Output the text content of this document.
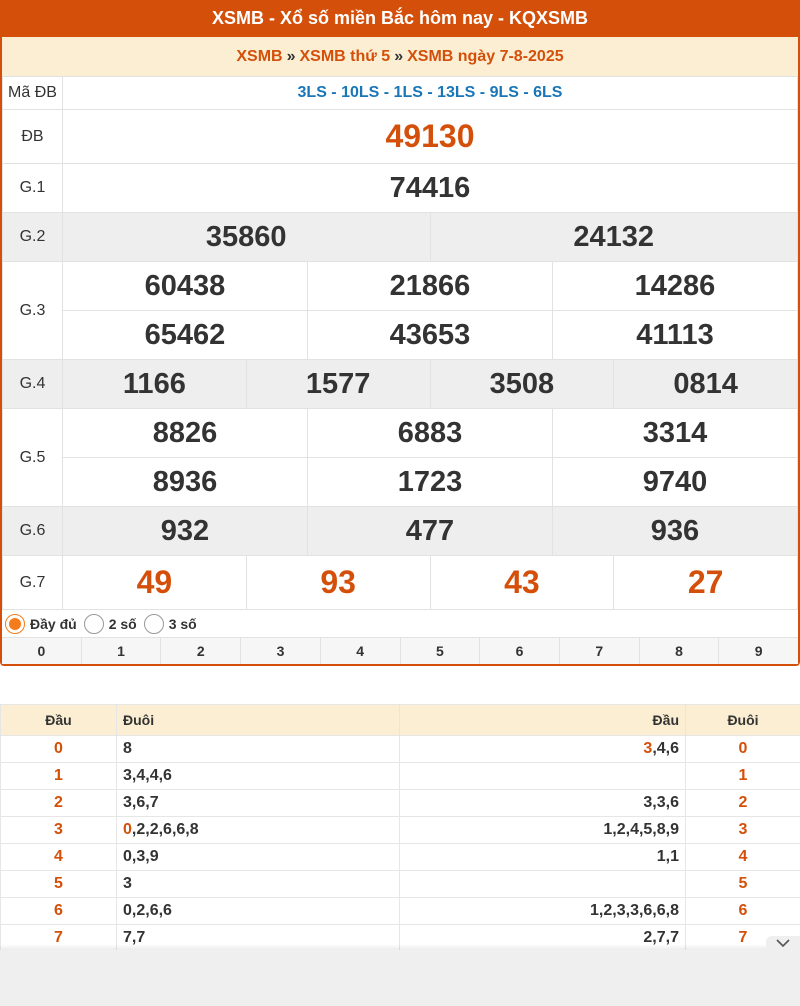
XSMB - Xổ số miền Bắc hôm nay - KQXSMB
XSMB » XSMB thứ 5 » XSMB ngày 7-8-2025
Mã ĐB	3LS - 10LS - 1LS - 13LS - 9LS - 6LS					
ĐB	49130					
G.1	74416					
G.2	35860			24132		
G.3	60438		21866		14286	
	65462		43653		41113	
G.4	1166	1577		3508		0814
G.5	8826		6883		3314	
	8936		1723		9740	
G.6	932		477		936	
G.7	49	93		43		27
Đầy đủ 2 số 3 số
0	1	2	3	4	5	6	7	8	9
Đầu	Đuôi	Đầu	Đuôi
0	8	3,4,6	0
1	3,4,4,6		1
2	3,6,7	3,3,6	2
3	0,2,2,6,6,8	1,2,4,5,8,9	3
4	0,3,9	1,1	4
5	3		5
6	0,2,6,6	1,2,3,3,6,6,8	6
7	7,7	2,7,7	7
